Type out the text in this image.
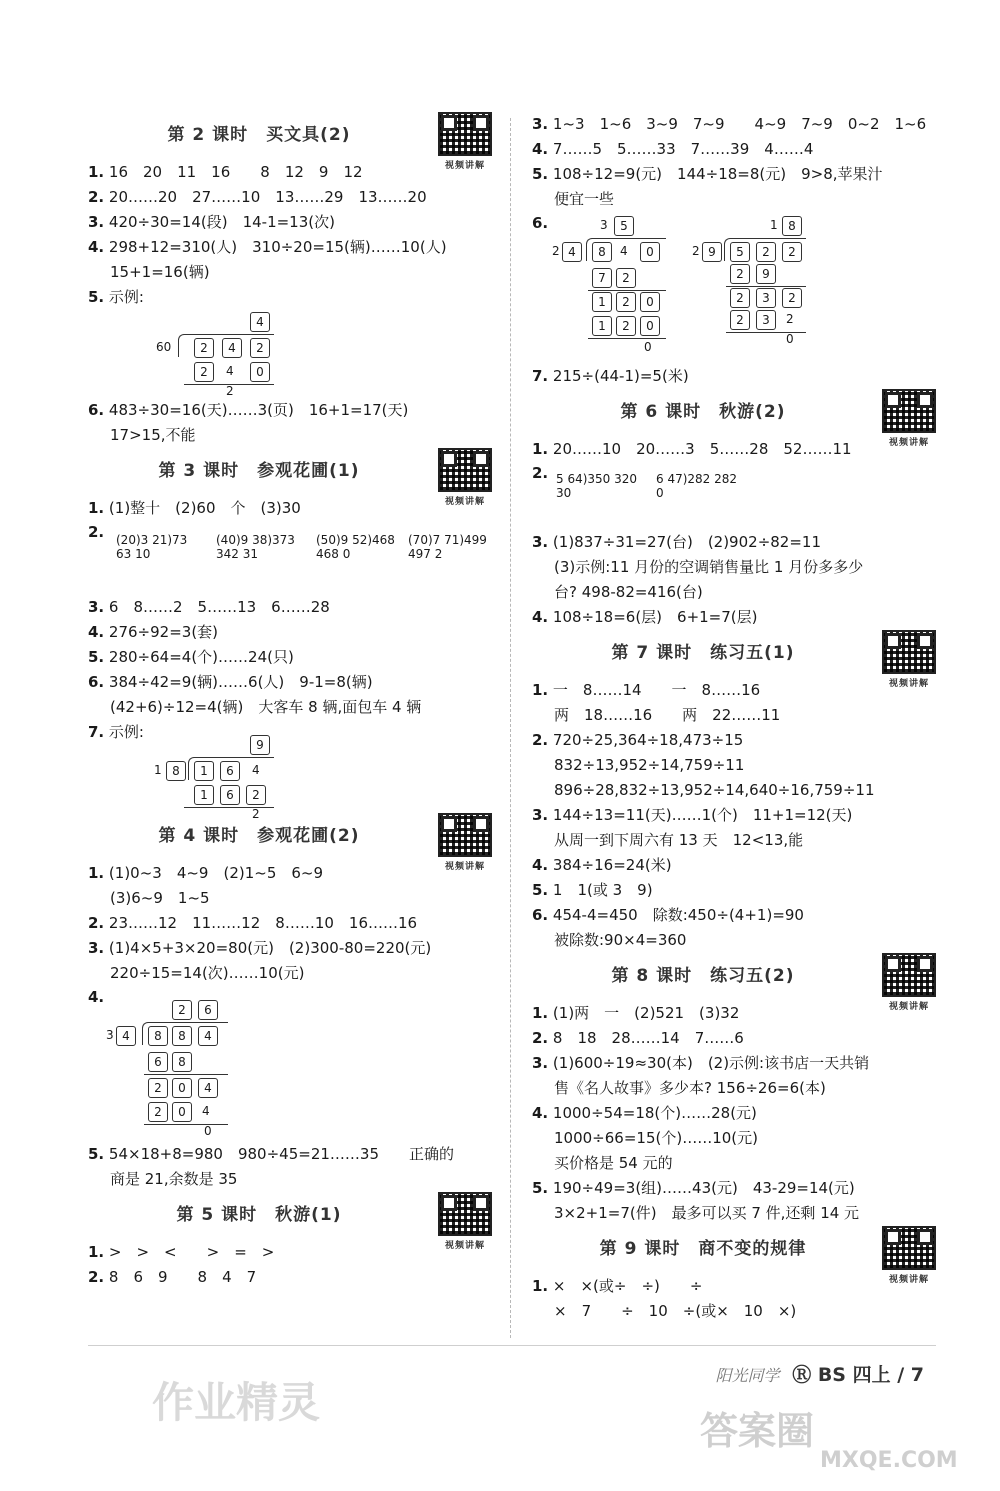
第 2 课时　买文具(2)
视频讲解
1. 16　20　11　16　　8　12　9　12
2. 20……20　27……10　13……29　13……20
3. 420÷30=14(段)　14-1=13(次)
4. 298+12=310(人)　310÷20=15(辆)……10(人)
15+1=16(辆)
5. 示例:
4
60	2	4	2
2	4	0
2
6. 483÷30=16(天)……3(页)　16+1=17(天)
17>15,不能
第 3 课时　参观花圃(1)
视频讲解
1. (1)整十　(2)60　个　(3)30
2. (20)3 21)73 63 10
(40)9 38)373 342 31
(50)9 52)468 468 0
(70)7 71)499 497 2
3. 6　8……2　5……13　6……28
4. 276÷92=3(套)
5. 280÷64=4(个)……24(只)
6. 384÷42=9(辆)……6(人)　9-1=8(辆)
(42+6)÷12=4(辆)　大客车 8 辆,面包车 4 辆
7. 示例:
9
1 8	1	6	4
1	6	2
2
第 4 课时　参观花圃(2)
视频讲解
1. (1)0~3　4~9　(2)1~5　6~9
(3)6~9　1~5
2. 23……12　11……12　8……10　16……16
3. (1)4×5+3×20=80(元)　(2)300-80=220(元)
220÷15=14(次)……10(元)
4.
2	6
3 4	8	8	4
6	8
2	0	4
2	0	4
0
5. 54×18+8=980　980÷45=21……35　　正确的
商是 21,余数是 35
第 5 课时　秋游(1)
视频讲解
1. >　>　<　　>　=　>
2. 8　6　9　　8　4　7
3. 1~3　1~6　3~9　7~9　　4~9　7~9　0~2　1~6
4. 7……5　5……33　7……39　4……4
5. 108÷12=9(元)　144÷18=8(元)　9>8,苹果汁
便宜一些
6.	3	5
2 4	8	4	0
7	2
1	2	0
1	2	0
0
1 8
2 9	5	2	2
2	9
2	3	2
2	3	2
0
7. 215÷(44-1)=5(米)
第 6 课时　秋游(2)
视频讲解
1. 20……10　20……3　5……28　52……11
2. 5 64)350 320 30
6 47)282 282 0
3. (1)837÷31=27(台)　(2)902÷82=11
(3)示例:11 月份的空调销售量比 1 月份多多少
台? 498-82=416(台)
4. 108÷18=6(层)　6+1=7(层)
第 7 课时　练习五(1)
视频讲解
1. 一　8……14　　一　8……16
两　18……16　　两　22……11
2. 720÷25,364÷18,473÷15
832÷13,952÷14,759÷11
896÷28,832÷13,952÷14,640÷16,759÷11
3. 144÷13=11(天)……1(个)　11+1=12(天)
从周一到下周六有 13 天　12<13,能
4. 384÷16=24(米)
5. 1　1(或 3　9)
6. 454-4=450　除数:450÷(4+1)=90
被除数:90×4=360
第 8 课时　练习五(2)
视频讲解
1. (1)两　一　(2)521　(3)32
2. 8　18　28……14　7……6
3. (1)600÷19≈30(本)　(2)示例:该书店一天共销
售《名人故事》多少本? 156÷26=6(本)
4. 1000÷54=18(个)……28(元)
1000÷66=15(个)……10(元)
买价格是 54 元的
5. 190÷49=3(组)……43(元)　43-29=14(元)
3×2+1=7(件)　最多可以买 7 件,还剩 14 元
第 9 课时　商不变的规律
视频讲解
1. ×　×(或÷　÷)　　÷
×　7　　÷　10　÷(或×　10　×)
阳光同学 Ⓡ BS 四上 / 7
作业精灵
答案圈
MXQE.COM
